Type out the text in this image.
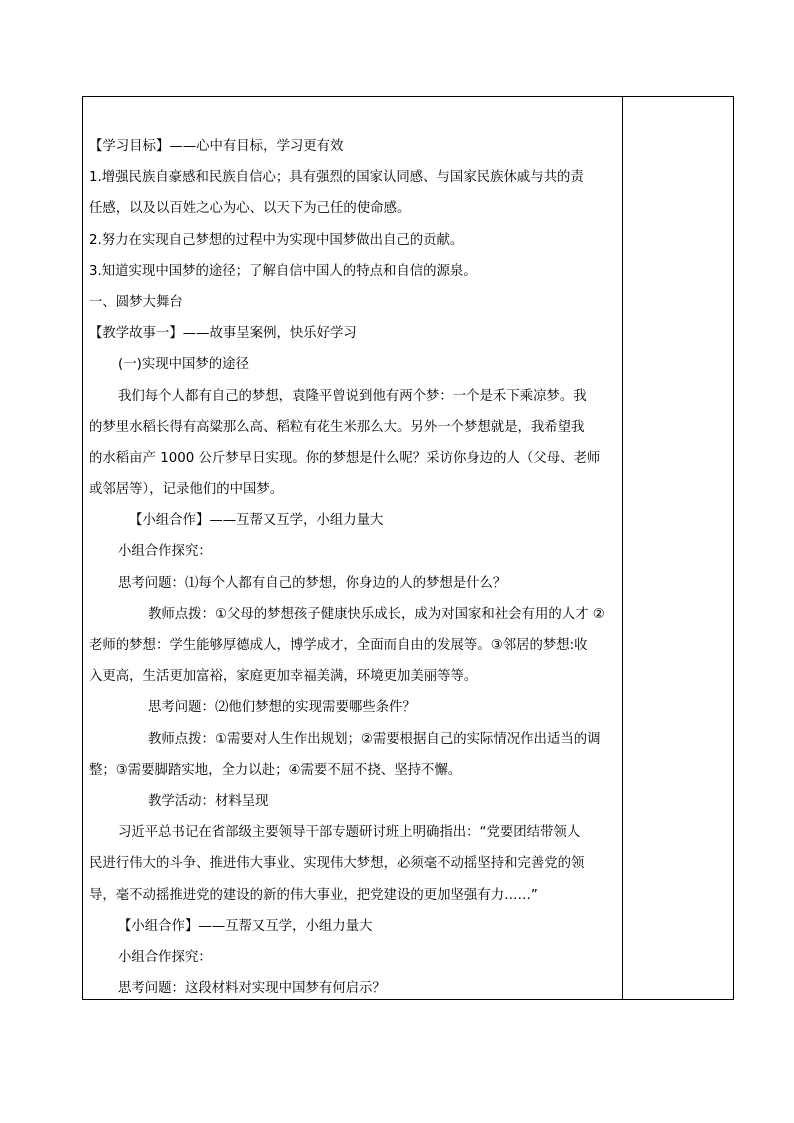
【学习目标】——心中有目标，学习更有效
1.增强民族自豪感和民族自信心；具有强烈的国家认同感、与国家民族休戚与共的责
任感，以及以百姓之心为心、以天下为己任的使命感。
2.努力在实现自己梦想的过程中为实现中国梦做出自己的贡献。
3.知道实现中国梦的途径；了解自信中国人的特点和自信的源泉。
一、圆梦大舞台
【教学故事一】——故事呈案例，快乐好学习
(一)实现中国梦的途径
我们每个人都有自己的梦想，袁隆平曾说到他有两个梦：一个是禾下乘凉梦。我
的梦里水稻长得有高粱那么高、稻粒有花生米那么大。另外一个梦想就是，我希望我
的水稻亩产 1000 公斤梦早日实现。你的梦想是什么呢？采访你身边的人（父母、老师
或邻居等），记录他们的中国梦。
【小组合作】——互帮又互学，小组力量大
小组合作探究：
思考问题：⑴每个人都有自己的梦想，你身边的人的梦想是什么？
教师点拨：①父母的梦想孩子健康快乐成长，成为对国家和社会有用的人才 ②
老师的梦想：学生能够厚德成人，博学成才，全面而自由的发展等。③邻居的梦想:收
入更高，生活更加富裕，家庭更加幸福美满，环境更加美丽等等。
思考问题：⑵他们梦想的实现需要哪些条件？
教师点拨：①需要对人生作出规划；②需要根据自己的实际情况作出适当的调
整；③需要脚踏实地，全力以赴；④需要不屈不挠、坚持不懈。
教学活动：材料呈现
习近平总书记在省部级主要领导干部专题研讨班上明确指出：“党要团结带领人
民进行伟大的斗争、推进伟大事业、实现伟大梦想，必须毫不动摇坚持和完善党的领
导，毫不动摇推进党的建设的新的伟大事业，把党建设的更加坚强有力……”
【小组合作】——互帮又互学，小组力量大
小组合作探究：
思考问题：这段材料对实现中国梦有何启示？
